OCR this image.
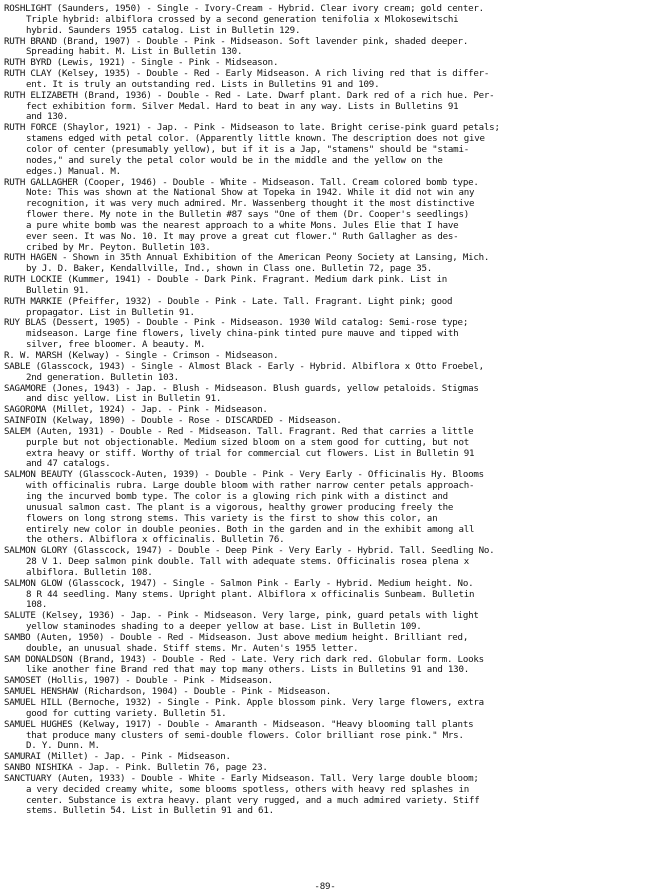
ROSHLIGHT (Saunders, 1950) - Single - Ivory-Cream - Hybrid. Clear ivory cream; gold center.
Triple hybrid: albiflora crossed by a second generation tenifolia x Mlokosewitschi
hybrid. Saunders 1955 catalog. List in Bulletin 129.
RUTH BRAND (Brand, 1907) - Double - Pink - Midseason. Soft lavender pink, shaded deeper.
Spreading habit. M. List in Bulletin 130.
RUTH BYRD (Lewis, 1921) - Single - Pink - Midseason.
RUTH CLAY (Kelsey, 1935) - Double - Red - Early Midseason. A rich living red that is differ-
ent. It is truly an outstanding red. Lists in Bulletins 91 and 109.
RUTH ELIZABETH (Brand, 1936) - Double - Red - Late. Dwarf plant. Dark red of a rich hue. Per-
fect exhibition form. Silver Medal. Hard to beat in any way. Lists in Bulletins 91
and 130.
RUTH FORCE (Shaylor, 1921) - Jap. - Pink - Midseason to late. Bright cerise-pink guard petals;
stamens edged with petal color. (Apparently little known. The description does not give
color of center (presumably yellow), but if it is a Jap, "stamens" should be "stami-
nodes," and surely the petal color would be in the middle and the yellow on the
edges.) Manual. M.
RUTH GALLAGHER (Cooper, 1946) - Double - White - Midseason. Tall. Cream colored bomb type.
Note: This was shown at the National Show at Topeka in 1942. While it did not win any
recognition, it was very much admired. Mr. Wassenberg thought it the most distinctive
flower there. My note in the Bulletin #87 says "One of them (Dr. Cooper's seedlings)
a pure white bomb was the nearest approach to a white Mons. Jules Elie that I have
ever seen. It was No. 10. It may prove a great cut flower." Ruth Gallagher as des-
cribed by Mr. Peyton. Bulletin 103.
RUTH HAGEN - Shown in 35th Annual Exhibition of the American Peony Society at Lansing, Mich.
by J. D. Baker, Kendallville, Ind., shown in Class one. Bulletin 72, page 35.
RUTH LOCKIE (Kummer, 1941) - Double - Dark Pink. Fragrant. Medium dark pink. List in
Bulletin 91.
RUTH MARKIE (Pfeiffer, 1932) - Double - Pink - Late. Tall. Fragrant. Light pink; good
propagator. List in Bulletin 91.
RUY BLAS (Dessert, 1905) - Double - Pink - Midseason. 1930 Wild catalog: Semi-rose type;
midseason. Large fine flowers, lively china-pink tinted pure mauve and tipped with
silver, free bloomer. A beauty. M.
R. W. MARSH (Kelway) - Single - Crimson - Midseason.
SABLE (Glasscock, 1943) - Single - Almost Black - Early - Hybrid. Albiflora x Otto Froebel,
2nd generation. Bulletin 103.
SAGAMORE (Jones, 1943) - Jap. - Blush - Midseason. Blush guards, yellow petaloids. Stigmas
and disc yellow. List in Bulletin 91.
SAGOROMA (Millet, 1924) - Jap. - Pink - Midseason.
SAINFOIN (Kelway, 1890) - Double - Rose - DISCARDED - Midseason.
SALEM (Auten, 1931) - Double - Red - Midseason. Tall. Fragrant. Red that carries a little
purple but not objectionable. Medium sized bloom on a stem good for cutting, but not
extra heavy or stiff. Worthy of trial for commercial cut flowers. List in Bulletin 91
and 47 catalogs.
SALMON BEAUTY (Glasscock-Auten, 1939) - Double - Pink - Very Early - Officinalis Hy. Blooms
with officinalis rubra. Large double bloom with rather narrow center petals approach-
ing the incurved bomb type. The color is a glowing rich pink with a distinct and
unusual salmon cast. The plant is a vigorous, healthy grower producing freely the
flowers on long strong stems. This variety is the first to show this color, an
entirely new color in double peonies. Both in the garden and in the exhibit among all
the others. Albiflora x officinalis. Bulletin 76.
SALMON GLORY (Glasscock, 1947) - Double - Deep Pink - Very Early - Hybrid. Tall. Seedling No.
28 V 1. Deep salmon pink double. Tall with adequate stems. Officinalis rosea plena x
albiflora. Bulletin 108.
SALMON GLOW (Glasscock, 1947) - Single - Salmon Pink - Early - Hybrid. Medium height. No.
8 R 44 seedling. Many stems. Upright plant. Albiflora x officinalis Sunbeam. Bulletin
108.
SALUTE (Kelsey, 1936) - Jap. - Pink - Midseason. Very large, pink, guard petals with light
yellow staminodes shading to a deeper yellow at base. List in Bulletin 109.
SAMBO (Auten, 1950) - Double - Red - Midseason. Just above medium height. Brilliant red,
double, an unusual shade. Stiff stems. Mr. Auten's 1955 letter.
SAM DONALDSON (Brand, 1943) - Double - Red - Late. Very rich dark red. Globular form. Looks
like another fine Brand red that may top many others. Lists in Bulletins 91 and 130.
SAMOSET (Hollis, 1907) - Double - Pink - Midseason.
SAMUEL HENSHAW (Richardson, 1904) - Double - Pink - Midseason.
SAMUEL HILL (Bernoche, 1932) - Single - Pink. Apple blossom pink. Very large flowers, extra
good for cutting variety. Bulletin 51.
SAMUEL HUGHES (Kelway, 1917) - Double - Amaranth - Midseason. "Heavy blooming tall plants
that produce many clusters of semi-double flowers. Color brilliant rose pink." Mrs.
D. Y. Dunn. M.
SAMURAI (Millet) - Jap. - Pink - Midseason.
SANBO NISHIKA - Jap. - Pink. Bulletin 76, page 23.
SANCTUARY (Auten, 1933) - Double - White - Early Midseason. Tall. Very large double bloom;
a very decided creamy white, some blooms spotless, others with heavy red splashes in
center. Substance is extra heavy. plant very rugged, and a much admired variety. Stiff
stems. Bulletin 54. List in Bulletin 91 and 61.
-89-
